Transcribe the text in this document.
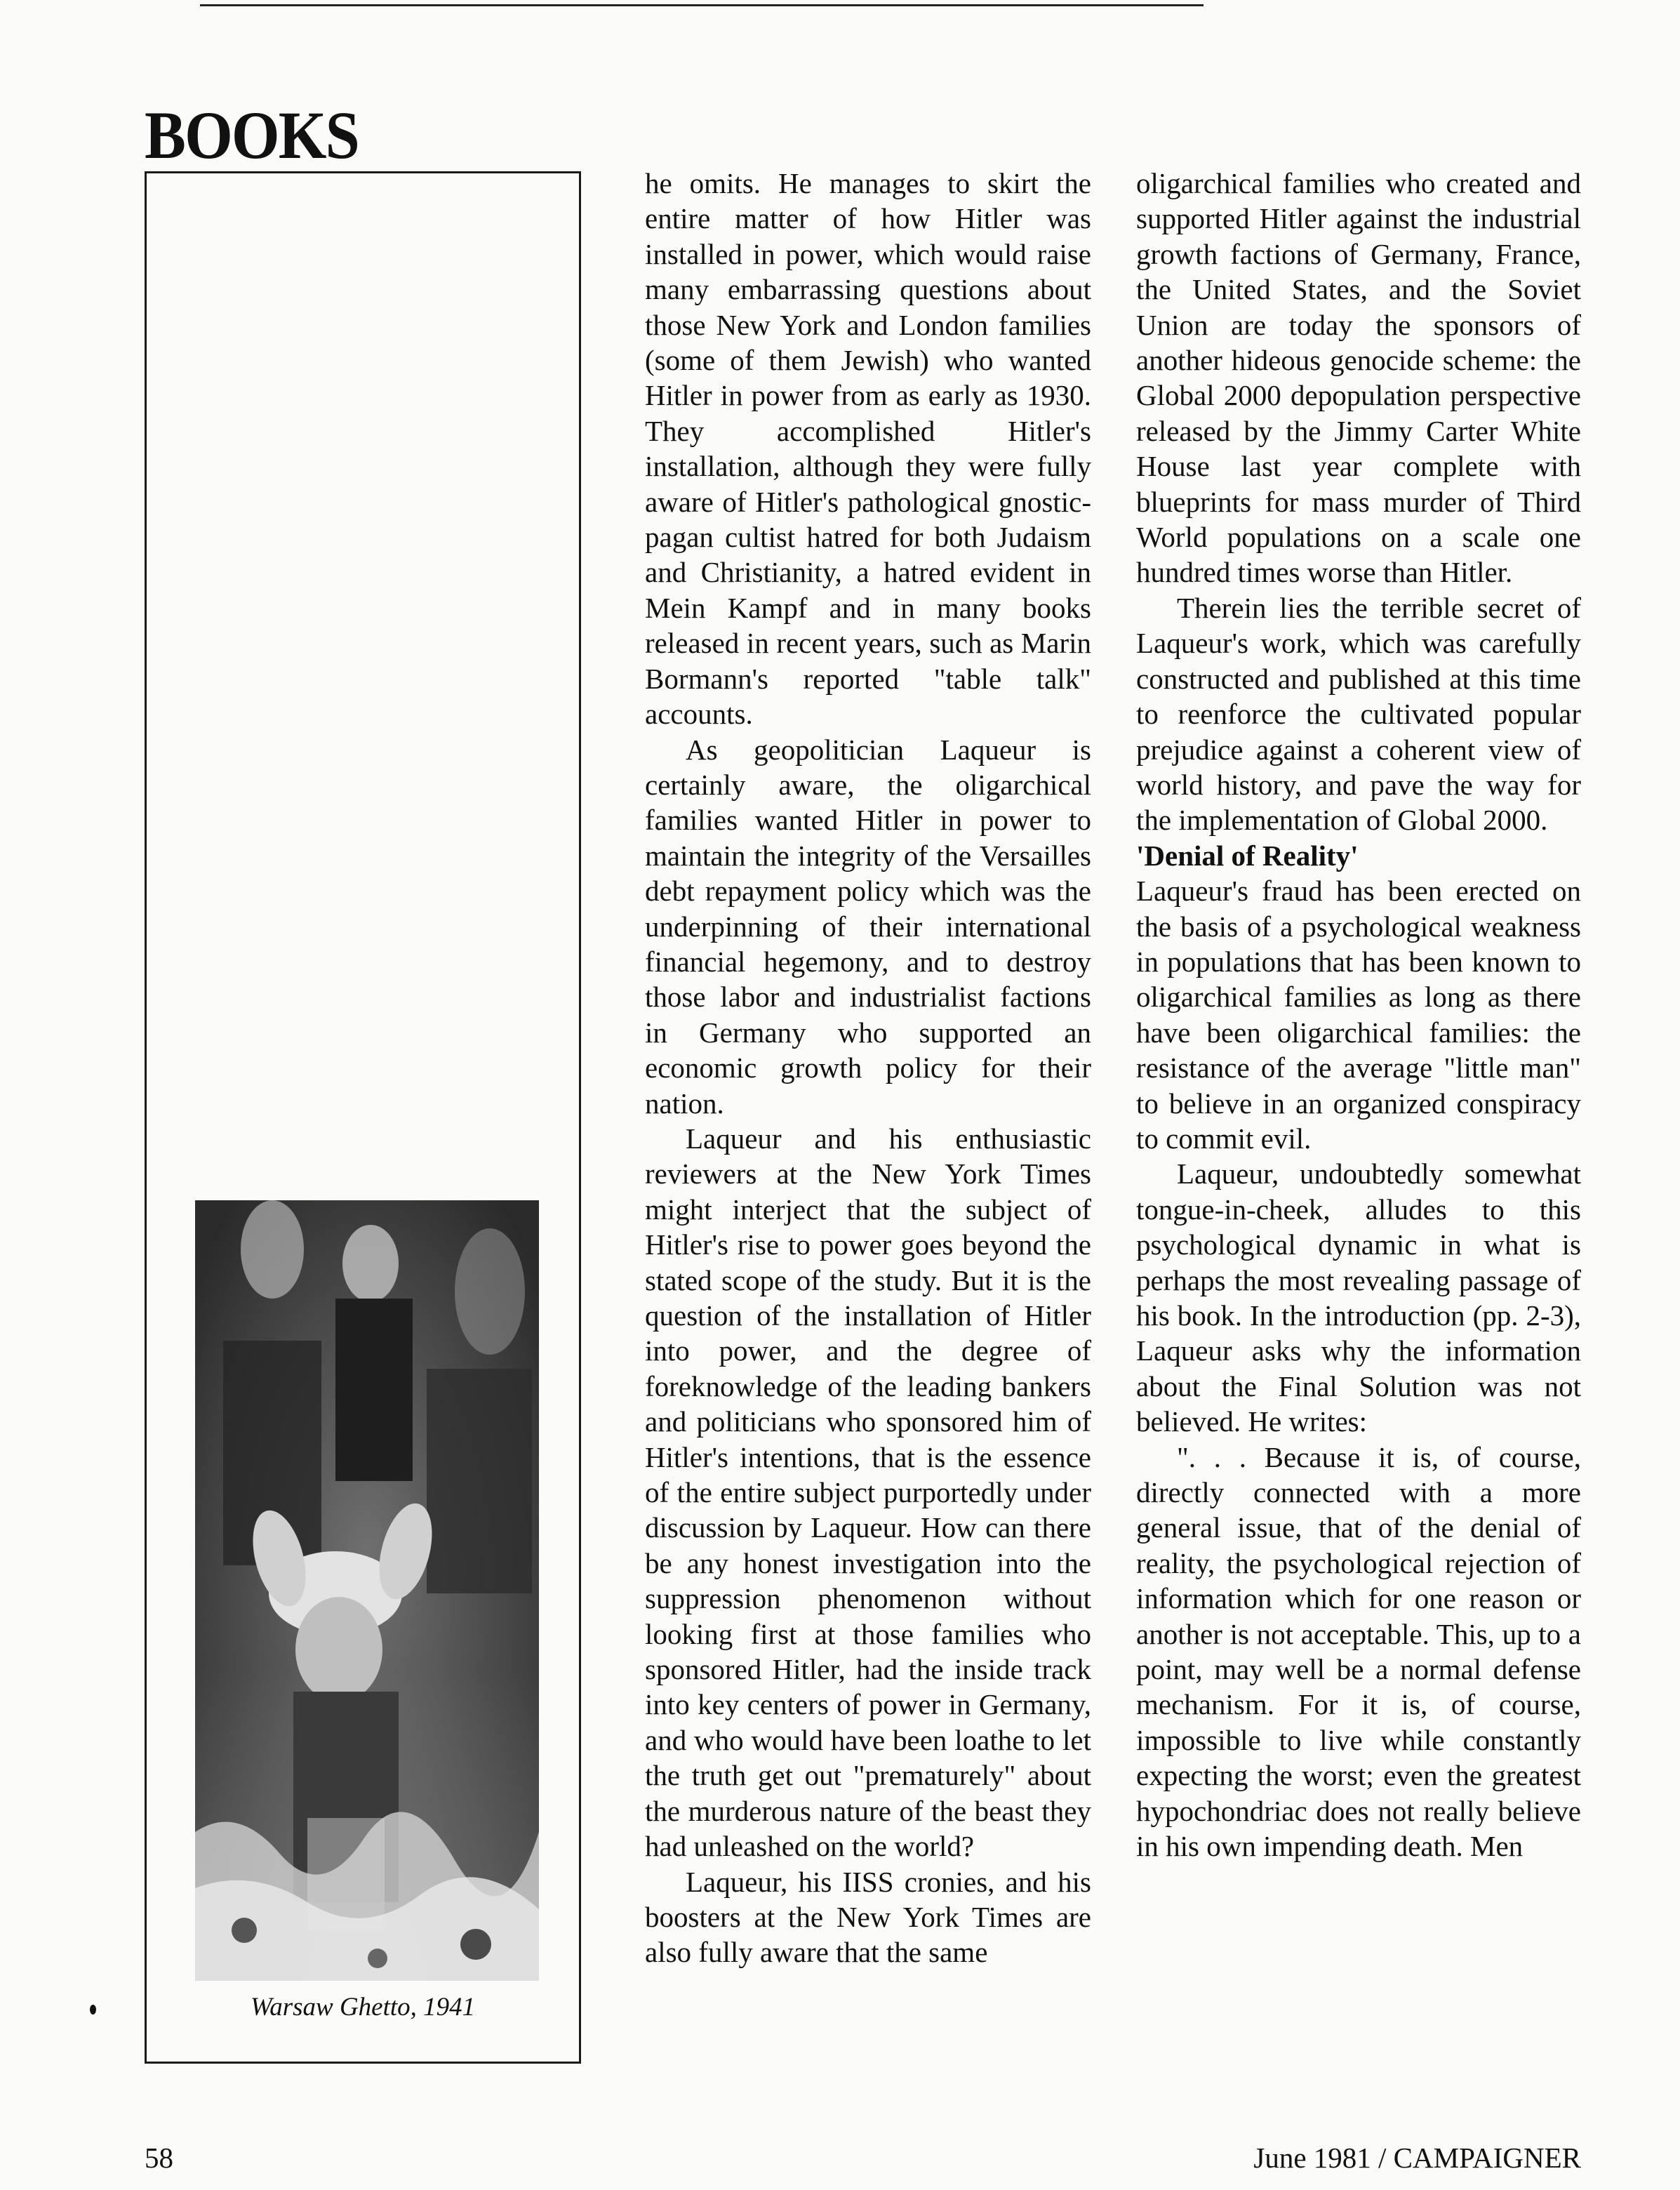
BOOKS
Warsaw Ghetto, 1941

he omits. He manages to skirt the entire matter of how Hitler was installed in power, which would raise many embarrassing questions about those New York and London families (some of them Jewish) who wanted Hitler in power from as early as 1930. They accomplished Hitler's installation, although they were fully aware of Hitler's pathological gnostic-pagan cultist hatred for both Judaism and Christianity, a hatred evident in Mein Kampf and in many books released in recent years, such as Marin Bormann's reported "table talk" accounts.

As geopolitician Laqueur is certainly aware, the oligarchical families wanted Hitler in power to maintain the integrity of the Versailles debt repayment policy which was the underpinning of their international financial hegemony, and to destroy those labor and industrialist factions in Germany who supported an economic growth policy for their nation.

Laqueur and his enthusiastic reviewers at the New York Times might interject that the subject of Hitler's rise to power goes beyond the stated scope of the study. But it is the question of the installation of Hitler into power, and the degree of foreknowledge of the leading bankers and politicians who sponsored him of Hitler's intentions, that is the essence of the entire subject purportedly under discussion by Laqueur. How can there be any honest investigation into the suppression phenomenon without looking first at those families who sponsored Hitler, had the inside track into key centers of power in Germany, and who would have been loathe to let the truth get out "prematurely" about the murderous nature of the beast they had unleashed on the world?

Laqueur, his IISS cronies, and his boosters at the New York Times are also fully aware that the same

oligarchical families who created and supported Hitler against the industrial growth factions of Germany, France, the United States, and the Soviet Union are today the sponsors of another hideous genocide scheme: the Global 2000 depopulation perspective released by the Jimmy Carter White House last year complete with blueprints for mass murder of Third World populations on a scale one hundred times worse than Hitler.

Therein lies the terrible secret of Laqueur's work, which was carefully constructed and published at this time to reenforce the cultivated popular prejudice against a coherent view of world history, and pave the way for the implementation of Global 2000.

'Denial of Reality'

Laqueur's fraud has been erected on the basis of a psychological weakness in populations that has been known to oligarchical families as long as there have been oligarchical families: the resistance of the average "little man" to believe in an organized conspiracy to commit evil.

Laqueur, undoubtedly somewhat tongue-in-cheek, alludes to this psychological dynamic in what is perhaps the most revealing passage of his book. In the introduction (pp. 2-3), Laqueur asks why the information about the Final Solution was not believed. He writes:

". . . Because it is, of course, directly connected with a more general issue, that of the denial of reality, the psychological rejection of information which for one reason or another is not acceptable. This, up to a point, may well be a normal defense mechanism. For it is, of course, impossible to live while constantly expecting the worst; even the greatest hypochondriac does not really believe in his own impending death. Men

58	June 1981 / CAMPAIGNER
